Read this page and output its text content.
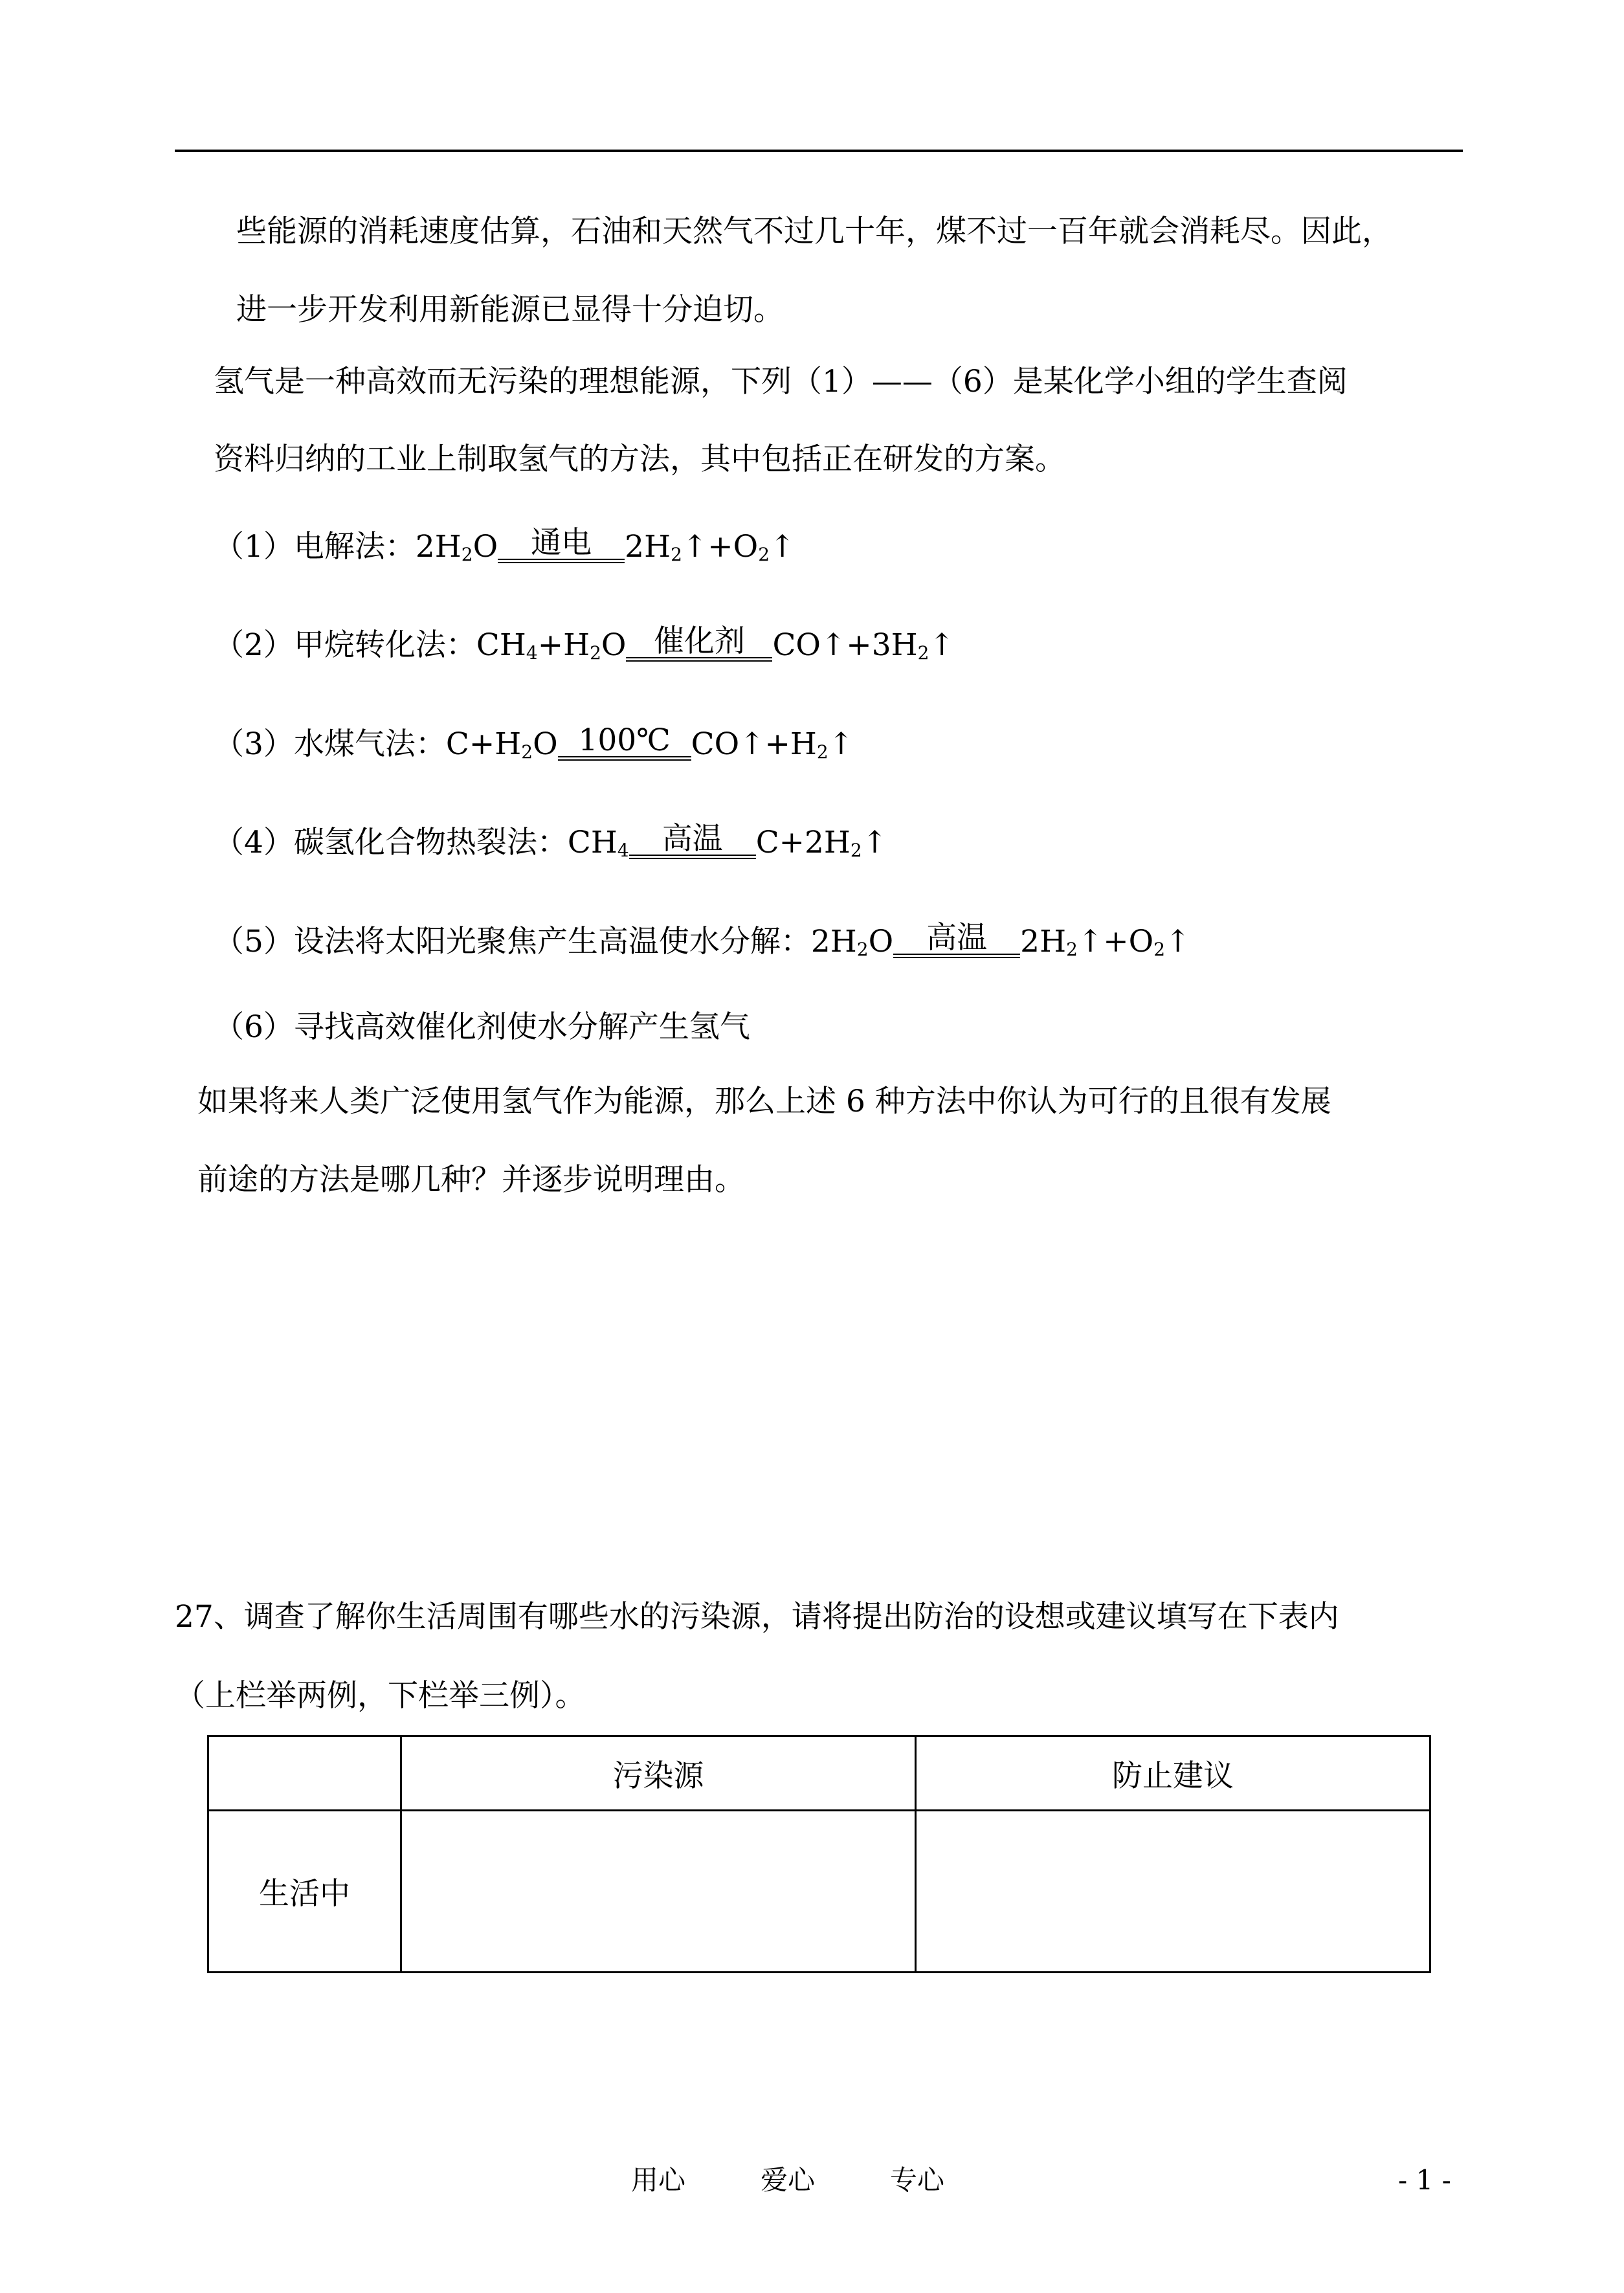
些能源的消耗速度估算，石油和天然气不过几十年，煤不过一百年就会消耗尽。因此，
进一步开发利用新能源已显得十分迫切。
氢气是一种高效而无污染的理想能源，下列（1）——（6）是某化学小组的学生查阅
资料归纳的工业上制取氢气的方法，其中包括正在研发的方案。
（1）电解法：$2H_2O$ 通电 $2H_2↑+O_2↑$
（2）甲烷转化法：$CH_4+H_2O$ 催化剂 $CO↑+3H_2↑$
（3）水煤气法：$C+H_2O$ 100℃ $CO↑+H_2↑$
（4）碳氢化合物热裂法：$CH_4$ 高温 $C+2H_2↑$
（5）设法将太阳光聚焦产生高温使水分解：$2H_2O$ 高温 $2H_2↑+O_2↑$
（6）寻找高效催化剂使水分解产生氢气
如果将来人类广泛使用氢气作为能源，那么上述 6 种方法中你认为可行的且很有发展
前途的方法是哪几种？并逐步说明理由。
27、调查了解你生活周围有哪些水的污染源，请将提出防治的设想或建议填写在下表内
（上栏举两例，下栏举三例）。
	污染源	防止建议
生活中		
用心	爱心	专心	- 1 -
